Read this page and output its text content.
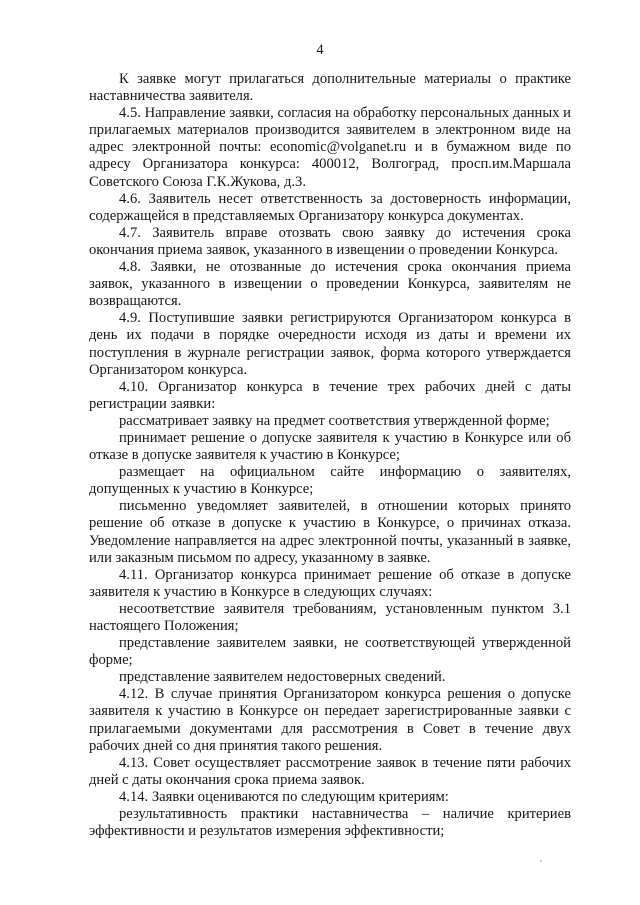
4

К заявке могут прилагаться дополнительные материалы о практике наставничества заявителя.

4.5. Направление заявки, согласия на обработку персональных данных и прилагаемых материалов производится заявителем в электронном виде на адрес электронной почты: economic@volganet.ru и в бумажном виде по адресу Организатора конкурса: 400012, Волгоград, просп.им.Маршала Советского Союза Г.К.Жукова, д.3.

4.6. Заявитель несет ответственность за достоверность информации, содержащейся в представляемых Организатору конкурса документах.

4.7. Заявитель вправе отозвать свою заявку до истечения срока окончания приема заявок, указанного в извещении о проведении Конкурса.

4.8. Заявки, не отозванные до истечения срока окончания приема заявок, указанного в извещении о проведении Конкурса, заявителям не возвращаются.

4.9. Поступившие заявки регистрируются Организатором конкурса в день их подачи в порядке очередности исходя из даты и времени их поступления в журнале регистрации заявок, форма которого утверждается Организатором конкурса.

4.10. Организатор конкурса в течение трех рабочих дней с даты регистрации заявки:

рассматривает заявку на предмет соответствия утвержденной форме;

принимает решение о допуске заявителя к участию в Конкурсе или об отказе в допуске заявителя к участию в Конкурсе;

размещает на официальном сайте информацию о заявителях, допущенных к участию в Конкурсе;

письменно уведомляет заявителей, в отношении которых принято решение об отказе в допуске к участию в Конкурсе, о причинах отказа. Уведомление направляется на адрес электронной почты, указанный в заявке, или заказным письмом по адресу, указанному в заявке.

4.11. Организатор конкурса принимает решение об отказе в допуске заявителя к участию в Конкурсе в следующих случаях:

несоответствие заявителя требованиям, установленным пунктом 3.1 настоящего Положения;

представление заявителем заявки, не соответствующей утвержденной форме;

представление заявителем недостоверных сведений.

4.12. В случае принятия Организатором конкурса решения о допуске заявителя к участию в Конкурсе он передает зарегистрированные заявки с прилагаемыми документами для рассмотрения в Совет в течение двух рабочих дней со дня принятия такого решения.

4.13. Совет осуществляет рассмотрение заявок в течение пяти рабочих дней с даты окончания срока приема заявок.

4.14. Заявки оцениваются по следующим критериям:

результативность практики наставничества – наличие критериев эффективности и результатов измерения эффективности;
